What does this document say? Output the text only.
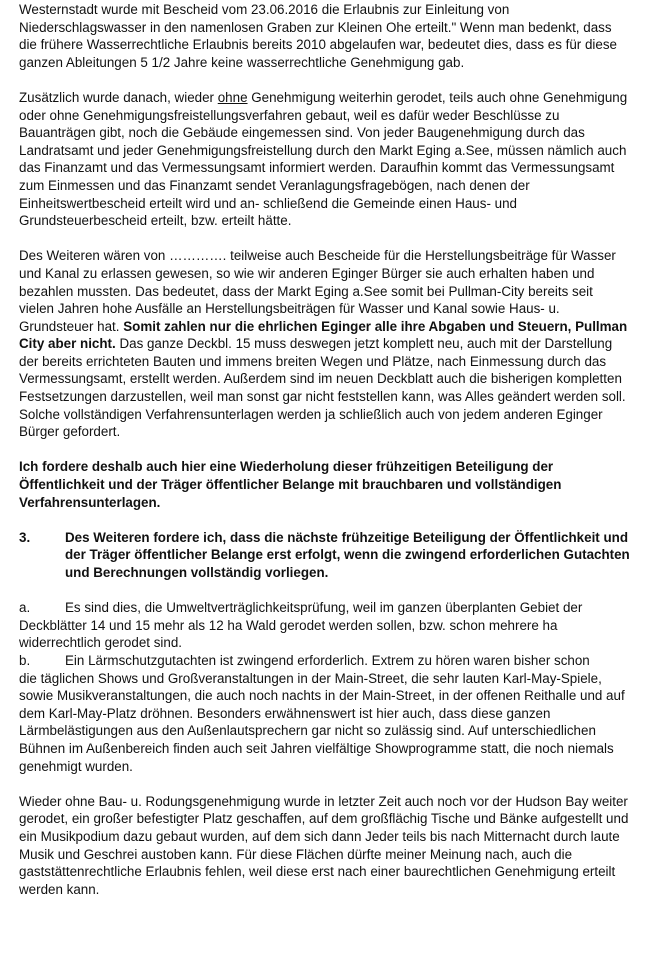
Westernstadt wurde mit Bescheid vom 23.06.2016 die Erlaubnis zur Einleitung von Niederschlagswasser in den namenlosen Graben zur Kleinen Ohe erteilt." Wenn man bedenkt, dass die frühere Wasserrechtliche Erlaubnis bereits 2010 abgelaufen war, bedeutet dies, dass es für diese ganzen Ableitungen 5 1/2 Jahre keine wasserrechtliche Genehmigung gab.

Zusätzlich wurde danach, wieder ohne Genehmigung weiterhin gerodet, teils auch ohne Genehmigung oder ohne Genehmigungsfreistellungsverfahren gebaut, weil es dafür weder Beschlüsse zu Bauanträgen gibt, noch die Gebäude eingemessen sind. Von jeder Baugenehmigung durch das Landratsamt und jeder Genehmigungsfreistellung durch den Markt Eging a.See, müssen nämlich auch das Finanzamt und das Vermessungsamt informiert werden. Daraufhin kommt das Vermessungsamt zum Einmessen und das Finanzamt sendet Veranlagungsfragebögen, nach denen der Einheitswertbescheid erteilt wird und an- schließend die Gemeinde einen Haus- und Grundsteuerbescheid erteilt, bzw. erteilt hätte.

Des Weiteren wären von …………. teilweise auch Bescheide für die Herstellungsbeiträge für Wasser und Kanal zu erlassen gewesen, so wie wir anderen Eginger Bürger sie auch erhalten haben und bezahlen mussten. Das bedeutet, dass der Markt Eging a.See somit bei Pullman-City bereits seit vielen Jahren hohe Ausfälle an Herstellungsbeiträgen für Wasser und Kanal sowie Haus- u. Grundsteuer hat. Somit zahlen nur die ehrlichen Eginger alle ihre Abgaben und Steuern, Pullman City aber nicht. Das ganze Deckbl. 15 muss deswegen jetzt komplett neu, auch mit der Darstellung der bereits errichteten Bauten und immens breiten Wegen und Plätze, nach Einmessung durch das Vermessungsamt, erstellt werden. Außerdem sind im neuen Deckblatt auch die bisherigen kompletten Festsetzungen darzustellen, weil man sonst gar nicht feststellen kann, was Alles geändert werden soll. Solche vollständigen Verfahrensunterlagen werden ja schließlich auch von jedem anderen Eginger Bürger gefordert.

Ich fordere deshalb auch hier eine Wiederholung dieser frühzeitigen Beteiligung der Öffentlichkeit und der Träger öffentlicher Belange mit brauchbaren und vollständigen Verfahrensunterlagen.

3.	Des Weiteren fordere ich, dass die nächste frühzeitige Beteiligung der Öffentlichkeit und der Träger öffentlicher Belange erst erfolgt, wenn die zwingend erforderlichen Gutachten und Berechnungen vollständig vorliegen.
a.	Es sind dies, die Umweltverträglichkeitsprüfung, weil im ganzen überplanten Gebiet der

Deckblätter 14 und 15 mehr als 12 ha Wald gerodet werden sollen, bzw. schon mehrere ha widerrechtlich gerodet sind.

b.	Ein Lärmschutzgutachten ist zwingend erforderlich. Extrem zu hören waren bisher schon

die täglichen Shows und Großveranstaltungen in der Main-Street, die sehr lauten Karl-May-Spiele, sowie Musikveranstaltungen, die auch noch nachts in der Main-Street, in der offenen Reithalle und auf dem Karl-May-Platz dröhnen. Besonders erwähnenswert ist hier auch, dass diese ganzen Lärmbelästigungen aus den Außenlautsprechern gar nicht so zulässig sind. Auf unterschiedlichen Bühnen im Außenbereich finden auch seit Jahren vielfältige Showprogramme statt, die noch niemals genehmigt wurden.

Wieder ohne Bau- u. Rodungsgenehmigung wurde in letzter Zeit auch noch vor der Hudson Bay weiter gerodet, ein großer befestigter Platz geschaffen, auf dem großflächig Tische und Bänke aufgestellt und ein Musikpodium dazu gebaut wurden, auf dem sich dann Jeder teils bis nach Mitternacht durch laute Musik und Geschrei austoben kann. Für diese Flächen dürfte meiner Meinung nach, auch die gaststättenrechtliche Erlaubnis fehlen, weil diese erst nach einer baurechtlichen Genehmigung erteilt werden kann.
